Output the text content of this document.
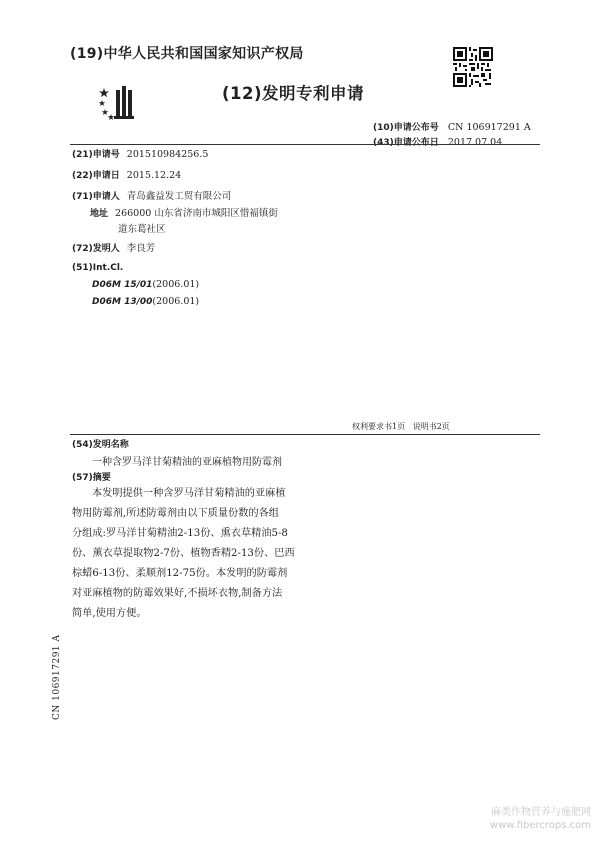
(19)中华人民共和国国家知识产权局
(12)发明专利申请
(10)申请公布号 CN 106917291 A
(43)申请公布日 2017.07.04
(21)申请号 201510984256.5
(22)申请日 2015.12.24
(71)申请人 青岛鑫益发工贸有限公司
地址 266000 山东省济南市城阳区惜福镇街
道东葛社区
(72)发明人 李良芳
(51)Int.Cl.
D06M 15/01(2006.01)
D06M 13/00(2006.01)
权利要求书1页   说明书2页
(54)发明名称
一种含罗马洋甘菊精油的亚麻植物用防霉剂
(57)摘要
本发明提供一种含罗马洋甘菊精油的亚麻植
物用防霉剂,所述防霉剂由以下质量份数的各组
分组成:罗马洋甘菊精油2-13份、熏衣草精油5-8
份、薰衣草提取物2-7份、植物香精2-13份、巴西
棕蜡6-13份、柔顺剂12-75份。本发明的防霉剂
对亚麻植物的防霉效果好,不损坏衣物,制备方法
简单,使用方便。
CN 106917291 A
麻类作物营养与施肥网
www.fibercrops.com
